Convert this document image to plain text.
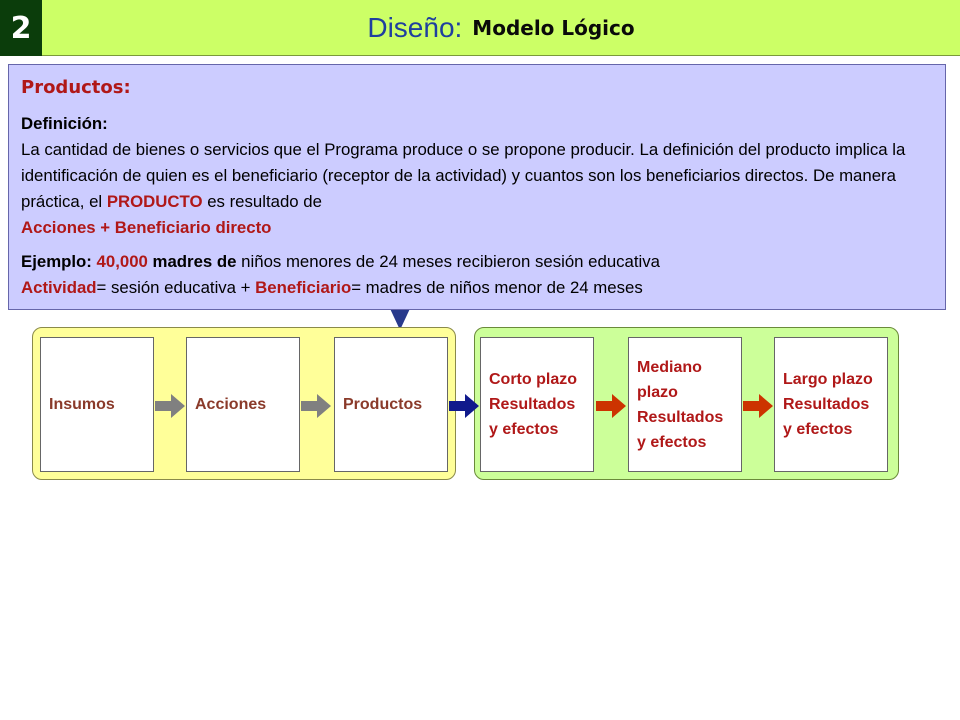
2	Diseño: Modelo Lógico
Productos:

Definición:
La cantidad de bienes o servicios que el Programa produce o se propone producir. La definición del producto implica la identificación de quien es el beneficiario (receptor de la actividad) y cuantos son los beneficiarios directos. De manera práctica, el PRODUCTO es resultado de
Acciones + Beneficiario directo

Ejemplo: 40,000 madres de niños menores de 24 meses recibieron sesión educativa
Actividad= sesión educativa + Beneficiario= madres de niños menor de 24 meses

Insumos	Acciones	Productos
Corto plazo
Resultados
y efectos
Mediano
plazo
Resultados
y efectos
Largo plazo
Resultados
y efectos
